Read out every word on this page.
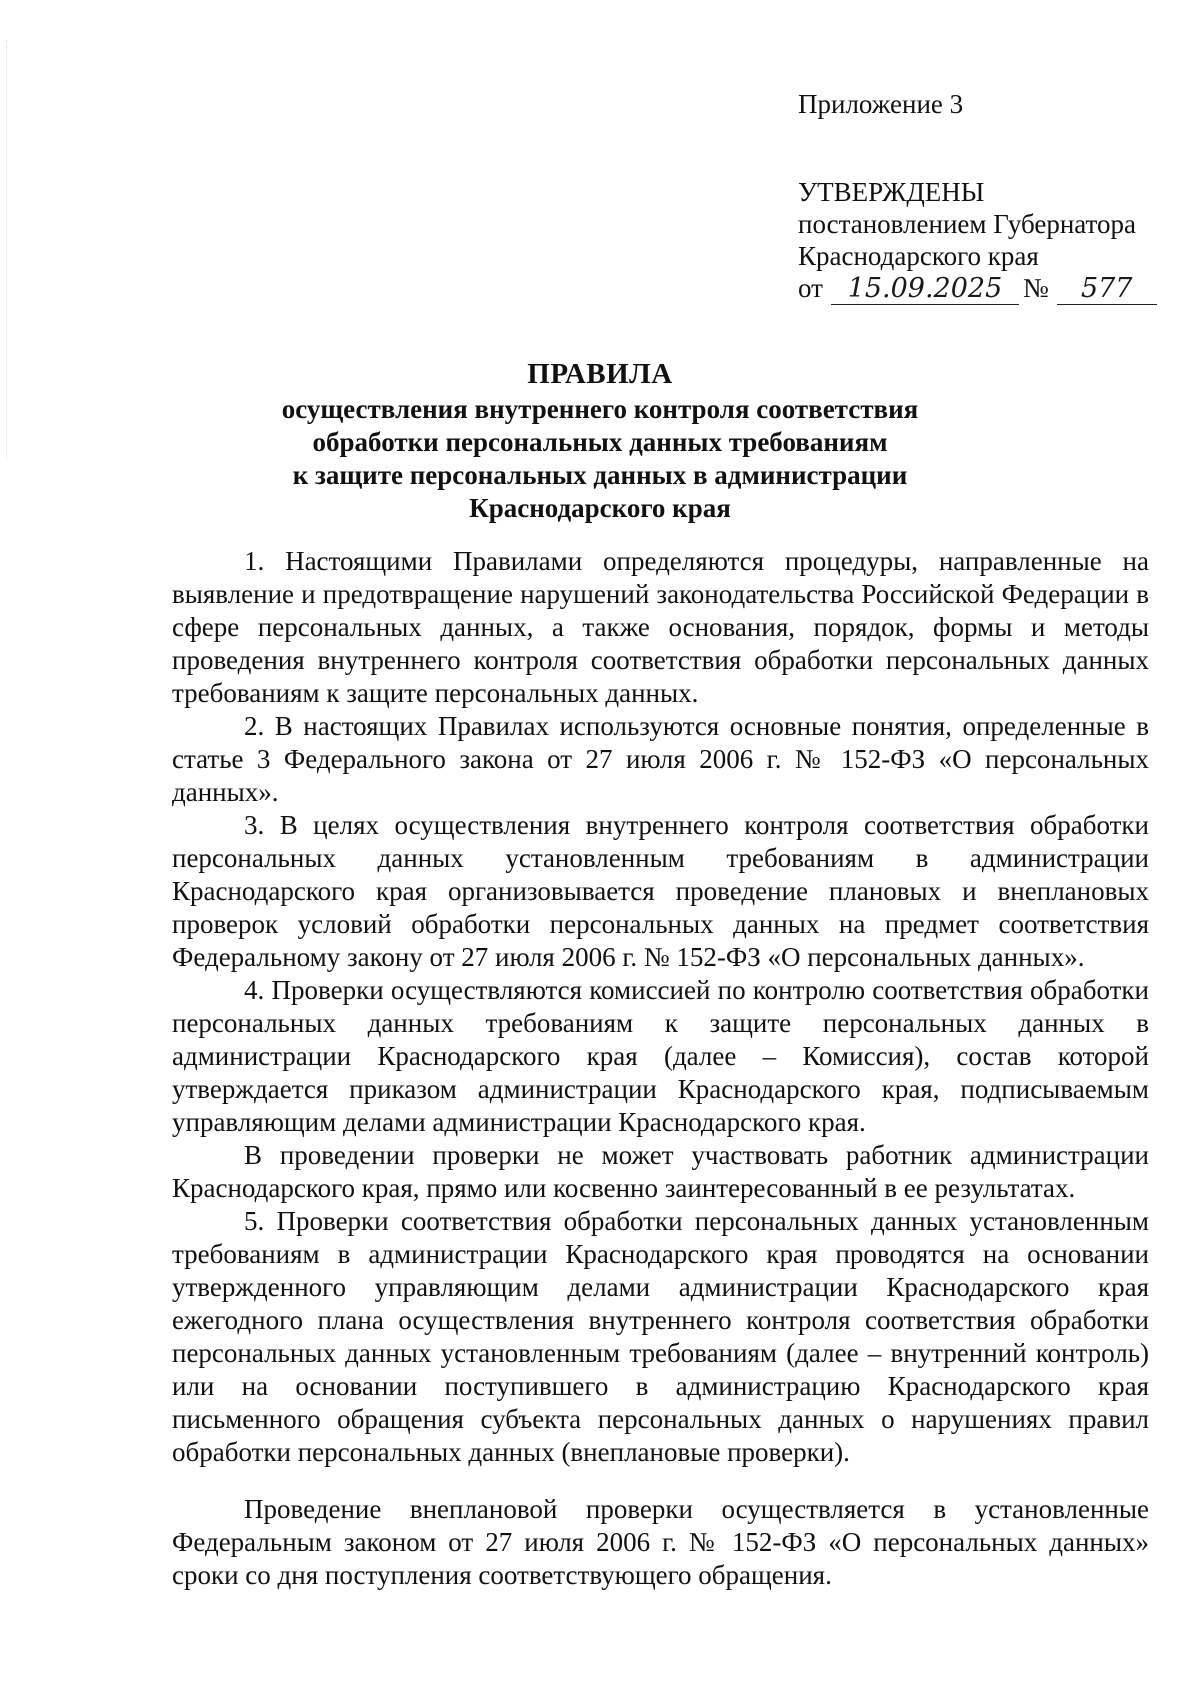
Приложение 3
УТВЕРЖДЕНЫ
постановлением Губернатора
Краснодарского края
от 15.09.2025 № 577
ПРАВИЛА
осуществления внутреннего контроля соответствия
обработки персональных данных требованиям
к защите персональных данных в администрации
Краснодарского края

1. Настоящими Правилами определяются процедуры, направленные на выявление и предотвращение нарушений законодательства Российской Федерации в сфере персональных данных, а также основания, порядок, формы и методы проведения внутреннего контроля соответствия обработки персональных данных требованиям к защите персональных данных.

2. В настоящих Правилах используются основные понятия, определенные в статье 3 Федерального закона от 27 июля 2006 г. № 152-ФЗ «О персональных данных».

3. В целях осуществления внутреннего контроля соответствия обработки персональных данных установленным требованиям в администрации Краснодарского края организовывается проведение плановых и внеплановых проверок условий обработки персональных данных на предмет соответствия Федеральному закону от 27 июля 2006 г. № 152-ФЗ «О персональных данных».

4. Проверки осуществляются комиссией по контролю соответствия обработки персональных данных требованиям к защите персональных данных в администрации Краснодарского края (далее – Комиссия), состав которой утверждается приказом администрации Краснодарского края, подписываемым управляющим делами администрации Краснодарского края.

В проведении проверки не может участвовать работник администрации Краснодарского края, прямо или косвенно заинтересованный в ее результатах.

5. Проверки соответствия обработки персональных данных установленным требованиям в администрации Краснодарского края проводятся на основании утвержденного управляющим делами администрации Краснодарского края ежегодного плана осуществления внутреннего контроля соответствия обработки персональных данных установленным требованиям (далее – внутренний контроль) или на основании поступившего в администрацию Краснодарского края письменного обращения субъекта персональных данных о нарушениях правил обработки персональных данных (внеплановые проверки).

Проведение внеплановой проверки осуществляется в установленные Федеральным законом от 27 июля 2006 г. № 152-ФЗ «О персональных данных» сроки со дня поступления соответствующего обращения.
